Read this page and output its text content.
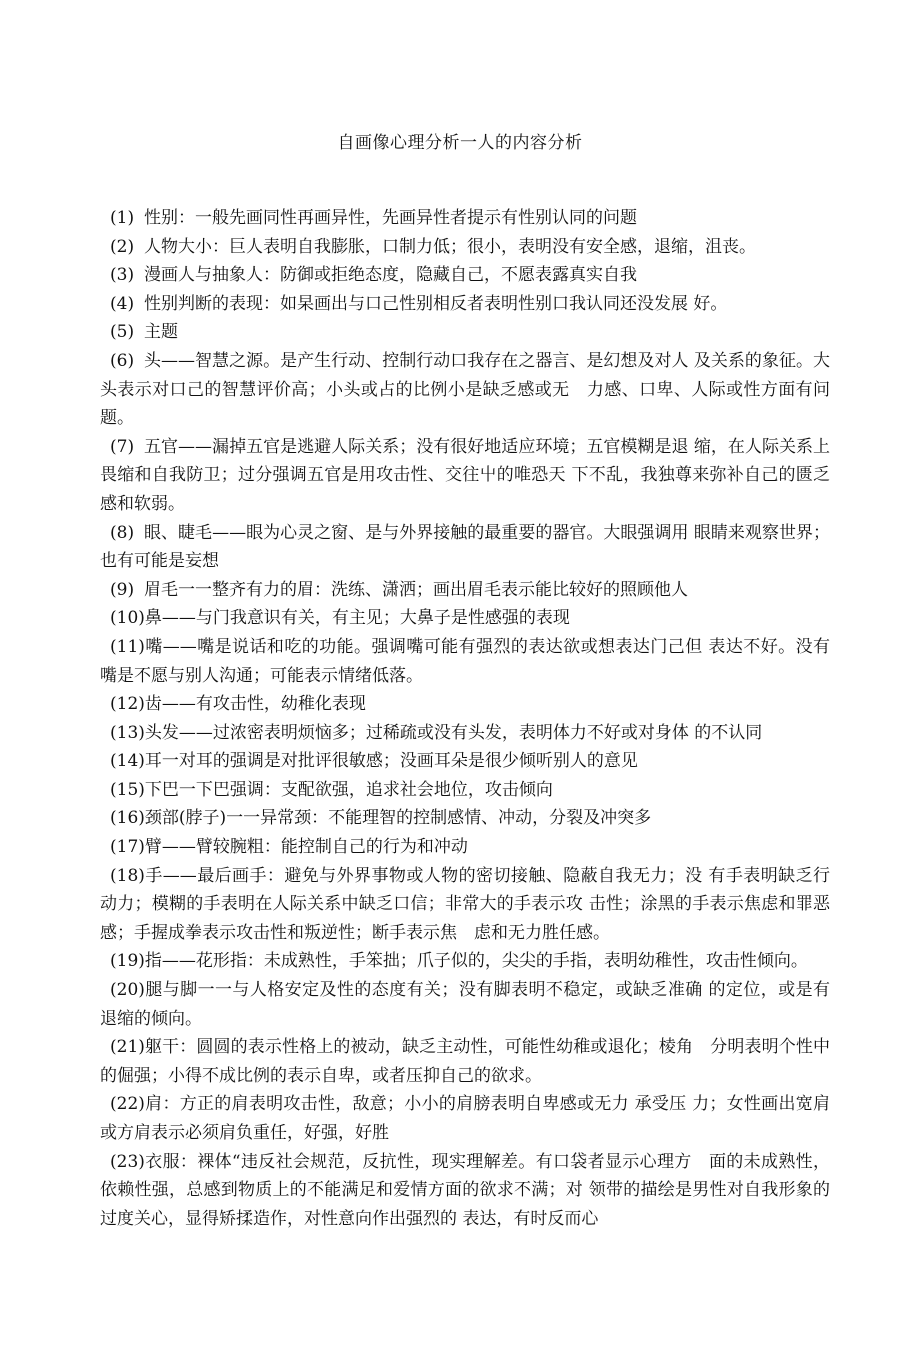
自画像心理分析一人的内容分析

(1) 性别：一般先画同性再画异性，先画异性者提示有性别认同的问题

(2) 人物大小：巨人表明自我膨胀，口制力低；很小，表明没有安全感，退缩，沮丧。

(3) 漫画人与抽象人：防御或拒绝态度，隐藏自己，不愿表露真实自我

(4) 性别判断的表现：如杲画出与口己性别相反者表明性别口我认同还没发展 好。

(5) 主题

(6) 头——智慧之源。是产生行动、控制行动口我存在之器言、是幻想及对人 及关系的象征。大头表示对口己的智慧评价高；小头或占的比例小是缺乏感或无　力感、口卑、人际或性方面有问题。

(7) 五官——漏掉五官是逃避人际关系；没有很好地适应环境；五官模糊是退 缩，在人际关系上畏缩和自我防卫；过分强调五官是用攻击性、交往屮的唯恐天 下不乱，我独尊来弥补自己的匮乏感和软弱。

(8) 眼、睫毛——眼为心灵之窗、是与外界接触的最重要的器官。大眼强调用 眼睛来观察世界；也有可能是妄想

(9) 眉毛一一整齐有力的眉：洗练、潇洒；画出眉毛表示能比较好的照顾他人

(10)鼻——与门我意识有关，有主见；大鼻子是性感强的表现

(11)嘴——嘴是说话和吃的功能。强调嘴可能有强烈的表达欲或想表达门己但 表达不好。没有嘴是不愿与别人沟通；可能表示情绪低落。

(12)齿——有攻击性，幼稚化表现

(13)头发——过浓密表明烦恼多；过稀疏或没有头发，表明体力不好或对身体 的不认同

(14)耳一对耳的强调是对批评很敏感；没画耳朵是很少倾听别人的意见

(15)下巴一下巴强调：支配欲强，追求社会地位，攻击倾向

(16)颈部(脖子)一一异常颈：不能理智的控制感情、冲动，分裂及冲突多

(17)臂——臂较腕粗：能控制自己的行为和冲动

(18)手——最后画手：避免与外界事物或人物的密切接触、隐蔽自我无力；没 有手表明缺乏行动力；模糊的手表明在人际关系中缺乏口信；非常大的手表示攻 击性；涂黑的手表示焦虑和罪恶感；手握成拳表示攻击性和叛逆性；断手表示焦　虑和无力胜任感。

(19)指——花形指：未成熟性，手笨拙；爪子似的，尖尖的手指，表明幼稚性，攻击性倾向。

(20)腿与脚一一与人格安定及性的态度有关；没有脚表明不稳定，或缺乏准确 的定位，或是有退缩的倾向。

(21)躯干：圆圆的表示性格上的被动，缺乏主动性，可能性幼稚或退化；棱角　分明表明个性中的倔强；小得不成比例的表示自卑，或者压抑自己的欲求。

(22)肩：方正的肩表明攻击性，敌意；小小的肩膀表明自卑感或无力 承受压 力；女性画出宽肩或方肩表示必须肩负重任，好强，好胜

(23)衣服：裸体“违反社会规范，反抗性，现实理解差。有口袋者显示心理方　面的未成熟性，依赖性强，总感到物质上的不能满足和爱情方面的欲求不满；对 领带的描绘是男性对自我形象的过度关心，显得矫揉造作，对性意向作出强烈的 表达，有时反而心
